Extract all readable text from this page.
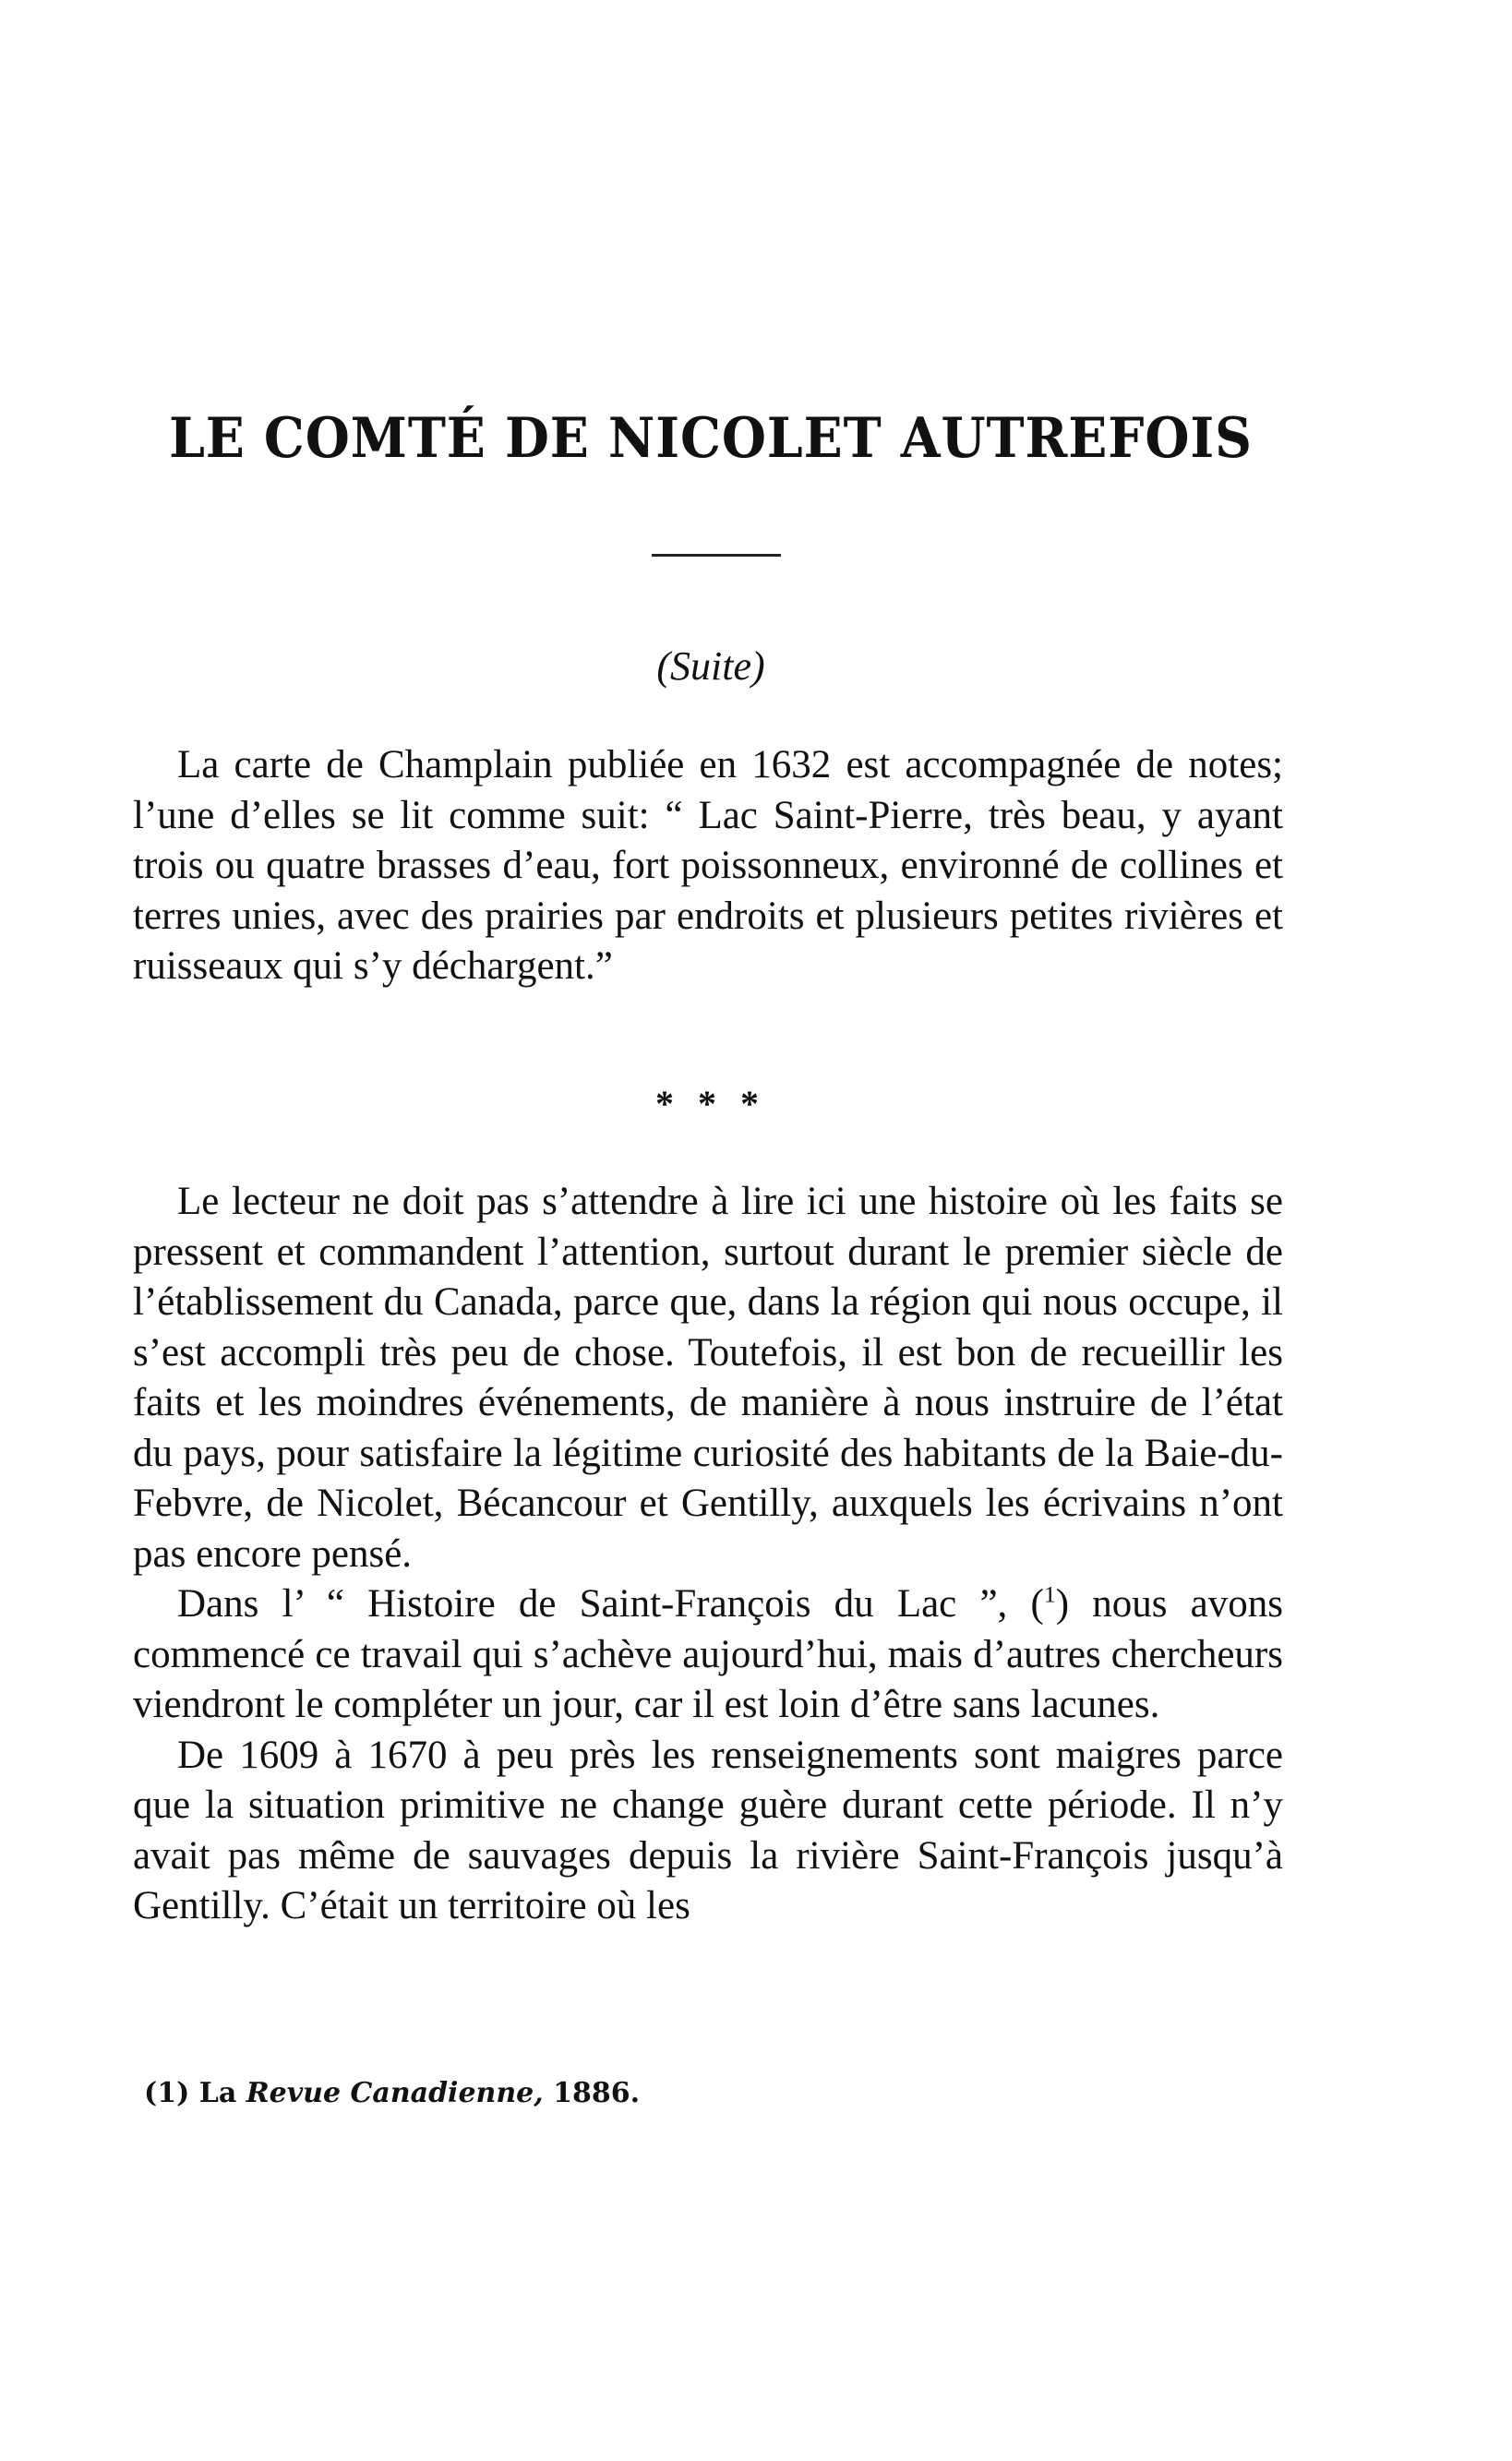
LE COMTÉ DE NICOLET AUTREFOIS

(Suite)

La carte de Champlain publiée en 1632 est accompagnée de notes; l’une d’elles se lit comme suit: “ Lac Saint-Pierre, très beau, y ayant trois ou quatre brasses d’eau, fort poissonneux, environné de collines et terres unies, avec des prairies par endroits et plusieurs petites rivières et ruisseaux qui s’y déchargent.”

* * *

Le lecteur ne doit pas s’attendre à lire ici une histoire où les faits se pressent et commandent l’attention, surtout durant le premier siècle de l’établissement du Canada, parce que, dans la région qui nous occupe, il s’est accompli très peu de chose. Toutefois, il est bon de recueillir les faits et les moindres événements, de manière à nous instruire de l’état du pays, pour satisfaire la légitime curiosité des habitants de la Baie-du-Febvre, de Nicolet, Bécancour et Gentilly, auxquels les écrivains n’ont pas encore pensé.

Dans l’ “ Histoire de Saint-François du Lac ”, ($^1$) nous avons commencé ce travail qui s’achève aujourd’hui, mais d’autres chercheurs viendront le compléter un jour, car il est loin d’être sans lacunes.

De 1609 à 1670 à peu près les renseignements sont maigres parce que la situation primitive ne change guère durant cette période. Il n’y avait pas même de sauvages depuis la rivière Saint-François jusqu’à Gentilly. C’était un territoire où les

(1) La Revue Canadienne, 1886.
